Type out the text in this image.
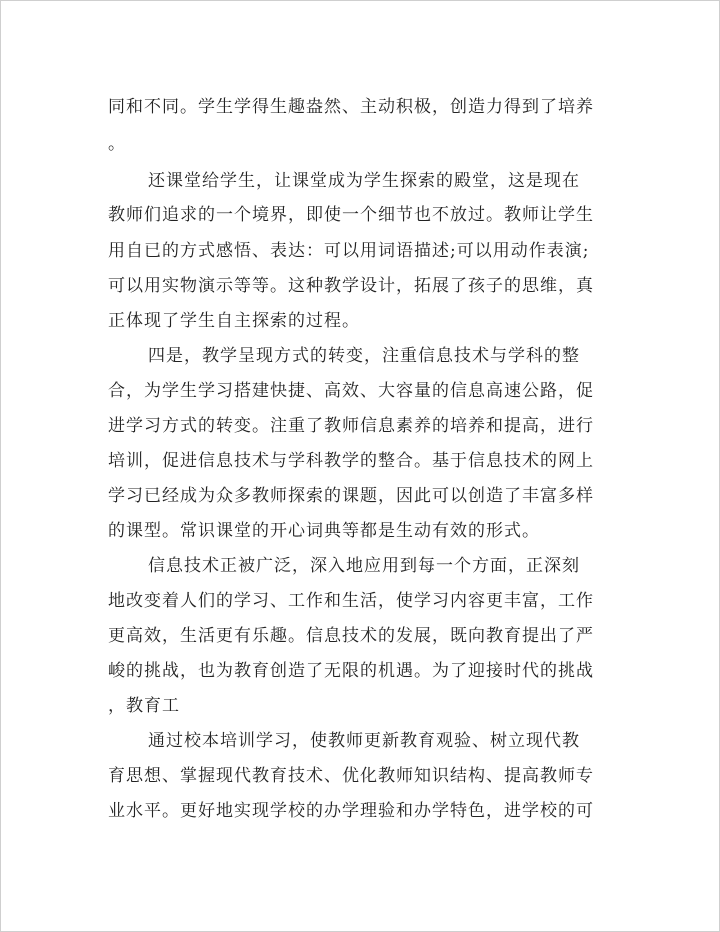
同和不同。学生学得生趣盎然、主动积极，创造力得到了培养
。
还课堂给学生，让课堂成为学生探索的殿堂，这是现在
教师们追求的一个境界，即使一个细节也不放过。教师让学生
用自已的方式感悟、表达：可以用词语描述;可以用动作表演;
可以用实物演示等等。这种教学设计，拓展了孩子的思维，真
正体现了学生自主探索的过程。
四是，教学呈现方式的转变，注重信息技术与学科的整
合，为学生学习搭建快捷、高效、大容量的信息高速公路，促
进学习方式的转变。注重了教师信息素养的培养和提高，进行
培训，促进信息技术与学科教学的整合。基于信息技术的网上
学习已经成为众多教师探索的课题，因此可以创造了丰富多样
的课型。常识课堂的开心词典等都是生动有效的形式。
信息技术正被广泛，深入地应用到每一个方面，正深刻
地改变着人们的学习、工作和生活，使学习内容更丰富，工作
更高效，生活更有乐趣。信息技术的发展，既向教育提出了严
峻的挑战，也为教育创造了无限的机遇。为了迎接时代的挑战
，教育工
通过校本培训学习，使教师更新教育观验、树立现代教
育思想、掌握现代教育技术、优化教师知识结构、提高教师专
业水平。更好地实现学校的办学理验和办学特色，进学校的可
